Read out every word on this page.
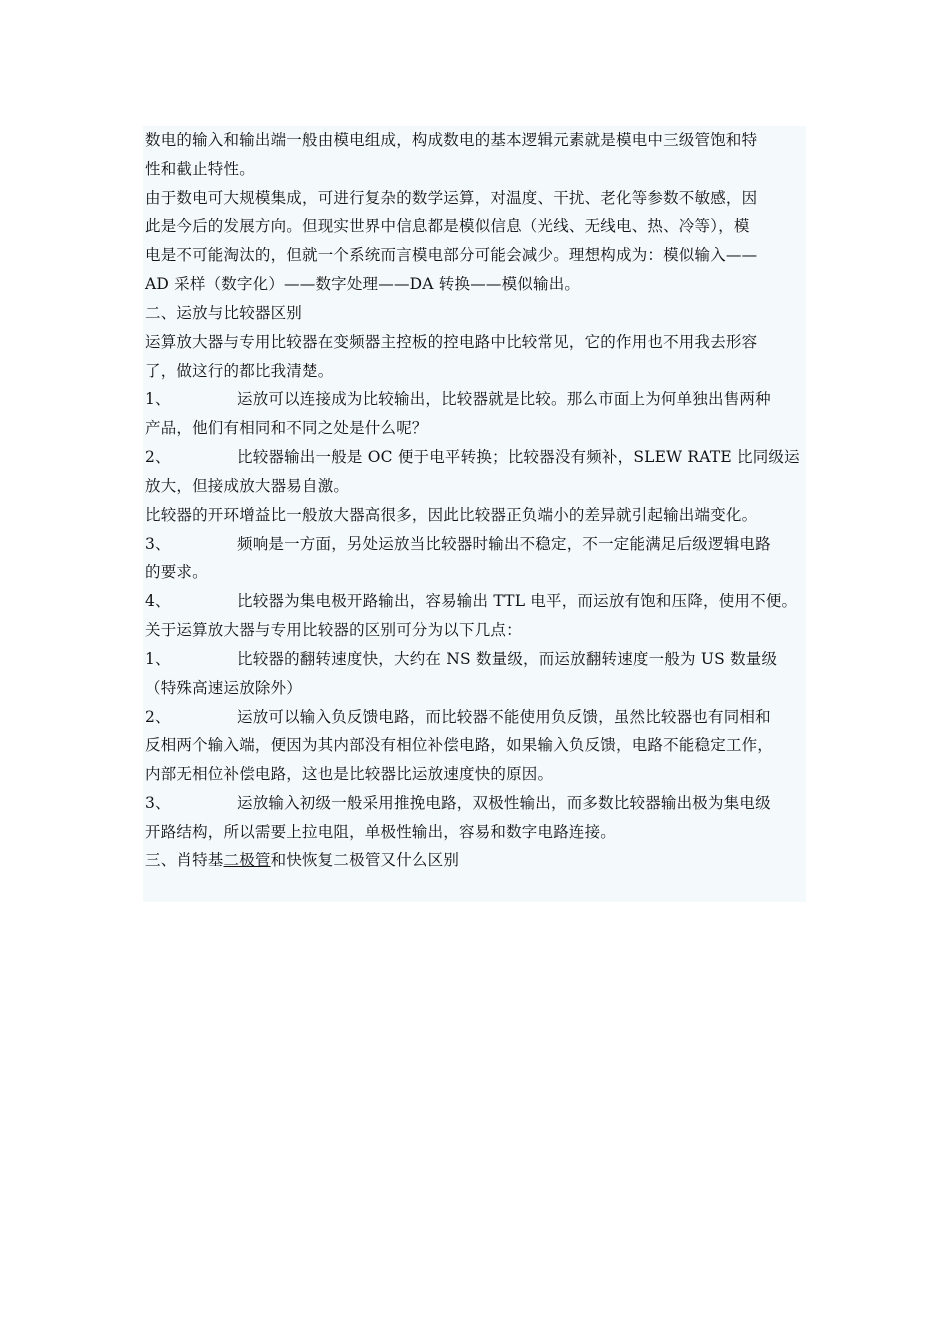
数电的输入和输出端一般由模电组成，构成数电的基本逻辑元素就是模电中三级管饱和特
性和截止特性。
由于数电可大规模集成，可进行复杂的数学运算，对温度、干扰、老化等参数不敏感，因
此是今后的发展方向。但现实世界中信息都是模似信息（光线、无线电、热、冷等），模
电是不可能淘汰的，但就一个系统而言模电部分可能会减少。理想构成为：模似输入——
AD 采样（数字化）——数字处理——DA 转换——模似输出。
二、运放与比较器区别
运算放大器与专用比较器在变频器主控板的控电路中比较常见，它的作用也不用我去形容
了，做这行的都比我清楚。
1、	运放可以连接成为比较输出，比较器就是比较。那么市面上为何单独出售两种
产品，他们有相同和不同之处是什么呢？
2、	比较器输出一般是 OC 便于电平转换；比较器没有频补，SLEW RATE 比同级运
放大，但接成放大器易自激。
比较器的开环增益比一般放大器高很多，因此比较器正负端小的差异就引起输出端变化。
3、	频响是一方面，另处运放当比较器时输出不稳定，不一定能满足后级逻辑电路
的要求。
4、	比较器为集电极开路输出，容易输出 TTL 电平，而运放有饱和压降，使用不便。
关于运算放大器与专用比较器的区别可分为以下几点：
1、	比较器的翻转速度快，大约在 NS 数量级，而运放翻转速度一般为 US 数量级
（特殊高速运放除外）
2、	运放可以输入负反馈电路，而比较器不能使用负反馈，虽然比较器也有同相和
反相两个输入端，便因为其内部没有相位补偿电路，如果输入负反馈，电路不能稳定工作，
内部无相位补偿电路，这也是比较器比运放速度快的原因。
3、	运放输入初级一般采用推挽电路，双极性输出，而多数比较器输出极为集电级
开路结构，所以需要上拉电阻，单极性输出，容易和数字电路连接。
三、肖特基二极管和快恢复二极管又什么区别
